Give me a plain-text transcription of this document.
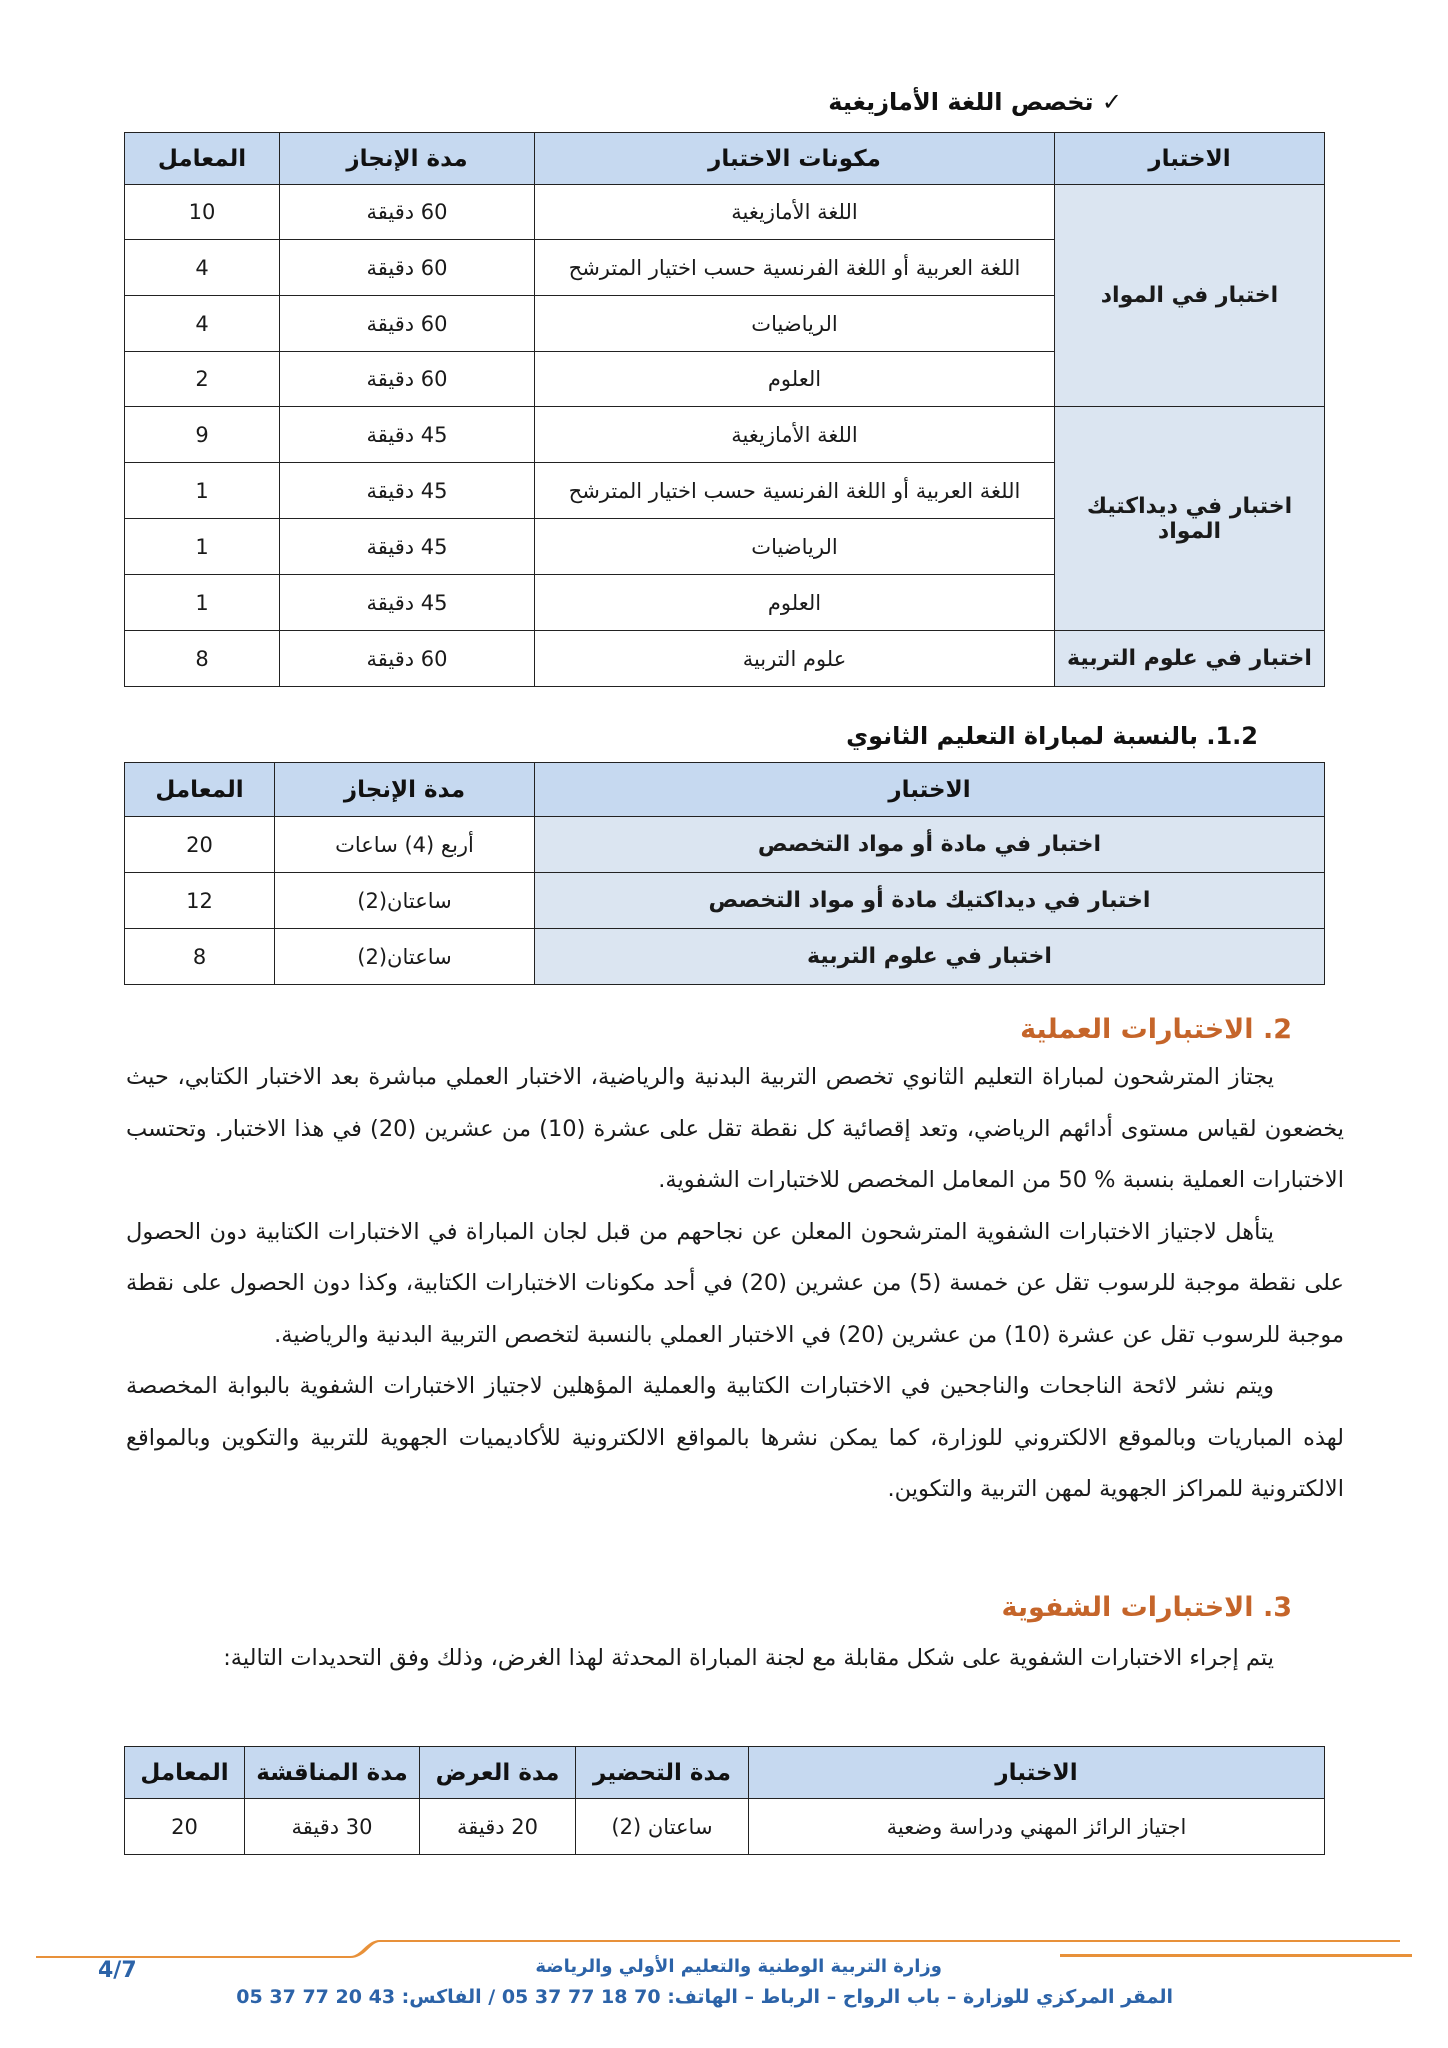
✓ تخصص اللغة الأمازيغية
الاختبار	مكونات الاختبار	مدة الإنجاز	المعامل
اختبار في المواد	اللغة الأمازيغية	60 دقيقة	10
	اللغة العربية أو اللغة الفرنسية حسب اختيار المترشح	60 دقيقة	4
	الرياضيات	60 دقيقة	4
	العلوم	60 دقيقة	2
اختبار في ديداكتيك المواد	اللغة الأمازيغية	45 دقيقة	9
	اللغة العربية أو اللغة الفرنسية حسب اختيار المترشح	45 دقيقة	1
	الرياضيات	45 دقيقة	1
	العلوم	45 دقيقة	1
اختبار في علوم التربية	علوم التربية	60 دقيقة	8
1.2. بالنسبة لمباراة التعليم الثانوي
الاختبار	مدة الإنجاز	المعامل
اختبار في مادة أو مواد التخصص	أربع (4) ساعات	20
اختبار في ديداكتيك مادة أو مواد التخصص	ساعتان(2)	12
اختبار في علوم التربية	ساعتان(2)	8
2. الاختبارات العملية

يجتاز المترشحون لمباراة التعليم الثانوي تخصص التربية البدنية والرياضية، الاختبار العملي مباشرة بعد الاختبار الكتابي، حيث يخضعون لقياس مستوى أدائهم الرياضي، وتعد إقصائية كل نقطة تقل على عشرة (10) من عشرين (20) في هذا الاختبار. وتحتسب الاختبارات العملية بنسبة % 50 من المعامل المخصص للاختبارات الشفوية.

يتأهل لاجتياز الاختبارات الشفوية المترشحون المعلن عن نجاحهم من قبل لجان المباراة في الاختبارات الكتابية دون الحصول على نقطة موجبة للرسوب تقل عن خمسة (5) من عشرين (20) في أحد مكونات الاختبارات الكتابية، وكذا دون الحصول على نقطة موجبة للرسوب تقل عن عشرة (10) من عشرين (20) في الاختبار العملي بالنسبة لتخصص التربية البدنية والرياضية.

ويتم نشر لائحة الناجحات والناجحين في الاختبارات الكتابية والعملية المؤهلين لاجتياز الاختبارات الشفوية بالبوابة المخصصة لهذه المباريات وبالموقع الالكتروني للوزارة، كما يمكن نشرها بالمواقع الالكترونية للأكاديميات الجهوية للتربية والتكوين وبالمواقع الالكترونية للمراكز الجهوية لمهن التربية والتكوين.

3. الاختبارات الشفوية

يتم إجراء الاختبارات الشفوية على شكل مقابلة مع لجنة المباراة المحدثة لهذا الغرض، وذلك وفق التحديدات التالية:

الاختبار	مدة التحضير	مدة العرض	مدة المناقشة	المعامل
اجتياز الرائز المهني ودراسة وضعية	ساعتان (2)	20 دقيقة	30 دقيقة	20
وزارة التربية الوطنية والتعليم الأولي والرياضة
المقر المركزي للوزارة – باب الرواح – الرباط – الهاتف: 70 18 77 37 05 / الفاكس: 43 20 77 37 05
4/7
